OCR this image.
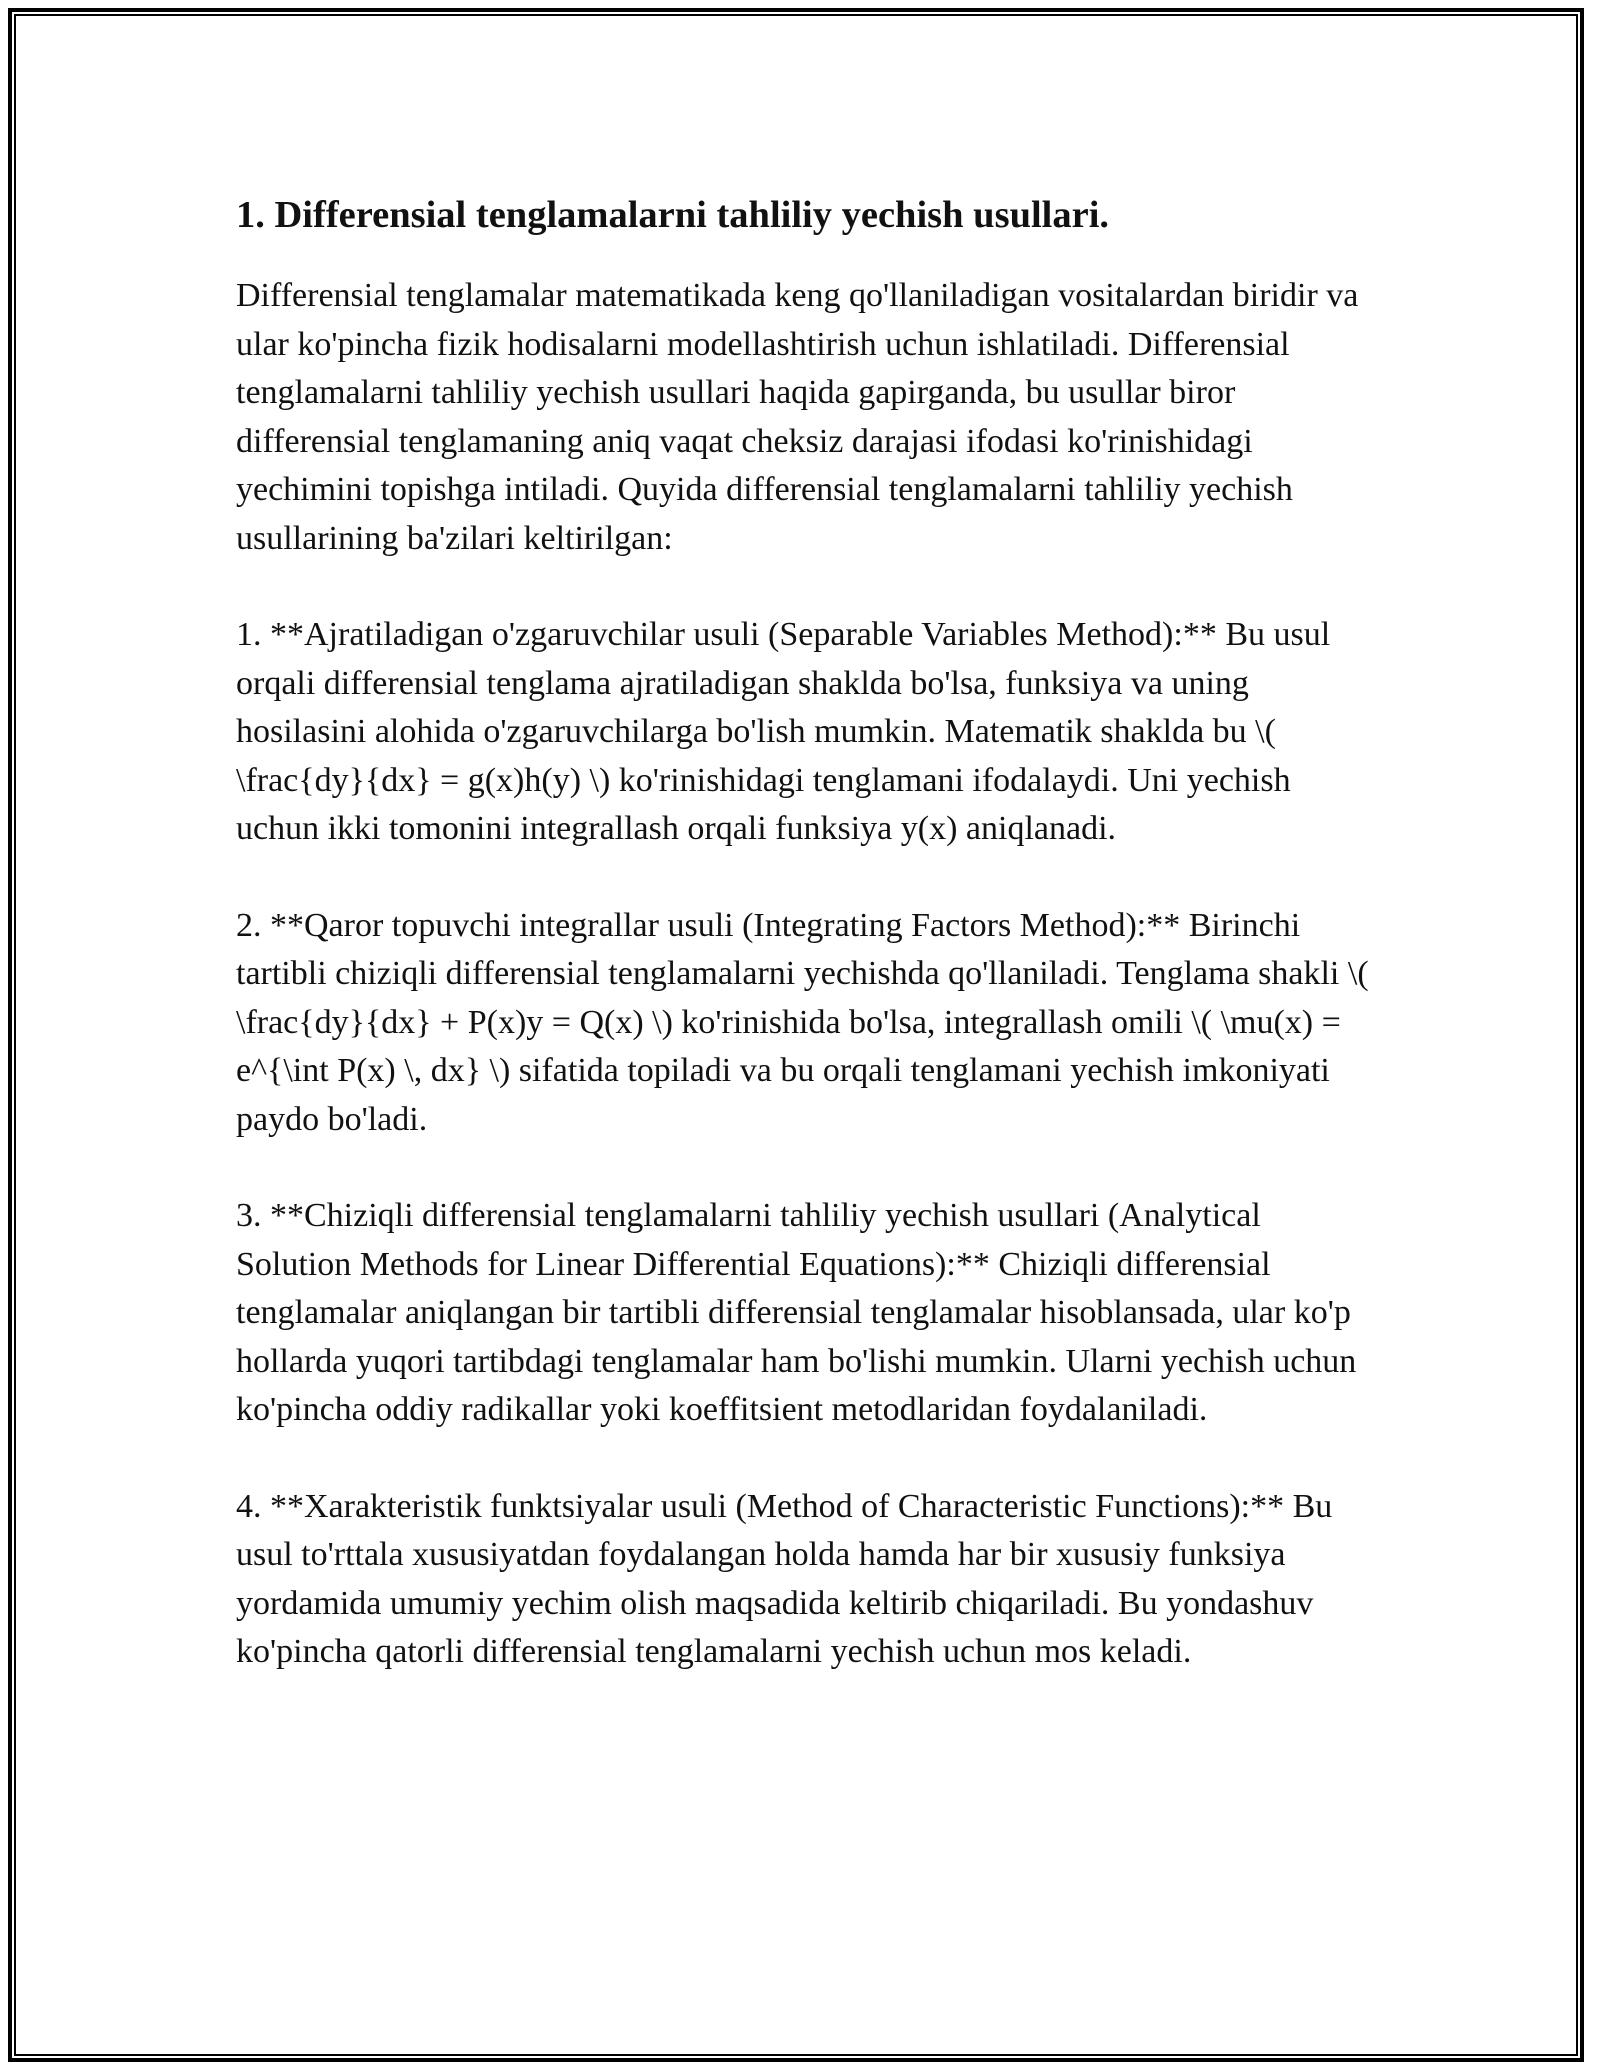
1. Differensial tenglamalarni tahliliy yechish usullari.

Differensial tenglamalar matematikada keng qo'llaniladigan vositalardan biridir va ular ko'pincha fizik hodisalarni modellashtirish uchun ishlatiladi. Differensial tenglamalarni tahliliy yechish usullari haqida gapirganda, bu usullar biror differensial tenglamaning aniq vaqat cheksiz darajasi ifodasi ko'rinishidagi yechimini topishga intiladi. Quyida differensial tenglamalarni tahliliy yechish usullarining ba'zilari keltirilgan:

1. **Ajratiladigan o'zgaruvchilar usuli (Separable Variables Method):** Bu usul orqali differensial tenglama ajratiladigan shaklda bo'lsa, funksiya va uning hosilasini alohida o'zgaruvchilarga bo'lish mumkin. Matematik shaklda bu \( \frac{dy}{dx} = g(x)h(y) \) ko'rinishidagi tenglamani ifodalaydi. Uni yechish uchun ikki tomonini integrallash orqali funksiya y(x) aniqlanadi.

2. **Qaror topuvchi integrallar usuli (Integrating Factors Method):** Birinchi tartibli chiziqli differensial tenglamalarni yechishda qo'llaniladi. Tenglama shakli \( \frac{dy}{dx} + P(x)y = Q(x) \) ko'rinishida bo'lsa, integrallash omili \( \mu(x) = e^{\int P(x) \, dx} \) sifatida topiladi va bu orqali tenglamani yechish imkoniyati paydo bo'ladi.

3. **Chiziqli differensial tenglamalarni tahliliy yechish usullari (Analytical Solution Methods for Linear Differential Equations):** Chiziqli differensial tenglamalar aniqlangan bir tartibli differensial tenglamalar hisoblansada, ular ko'p hollarda yuqori tartibdagi tenglamalar ham bo'lishi mumkin. Ularni yechish uchun ko'pincha oddiy radikallar yoki koeffitsient metodlaridan foydalaniladi.

4. **Xarakteristik funktsiyalar usuli (Method of Characteristic Functions):** Bu usul to'rttala xususiyatdan foydalangan holda hamda har bir xususiy funksiya yordamida umumiy yechim olish maqsadida keltirib chiqariladi. Bu yondashuv ko'pincha qatorli differensial tenglamalarni yechish uchun mos keladi.
